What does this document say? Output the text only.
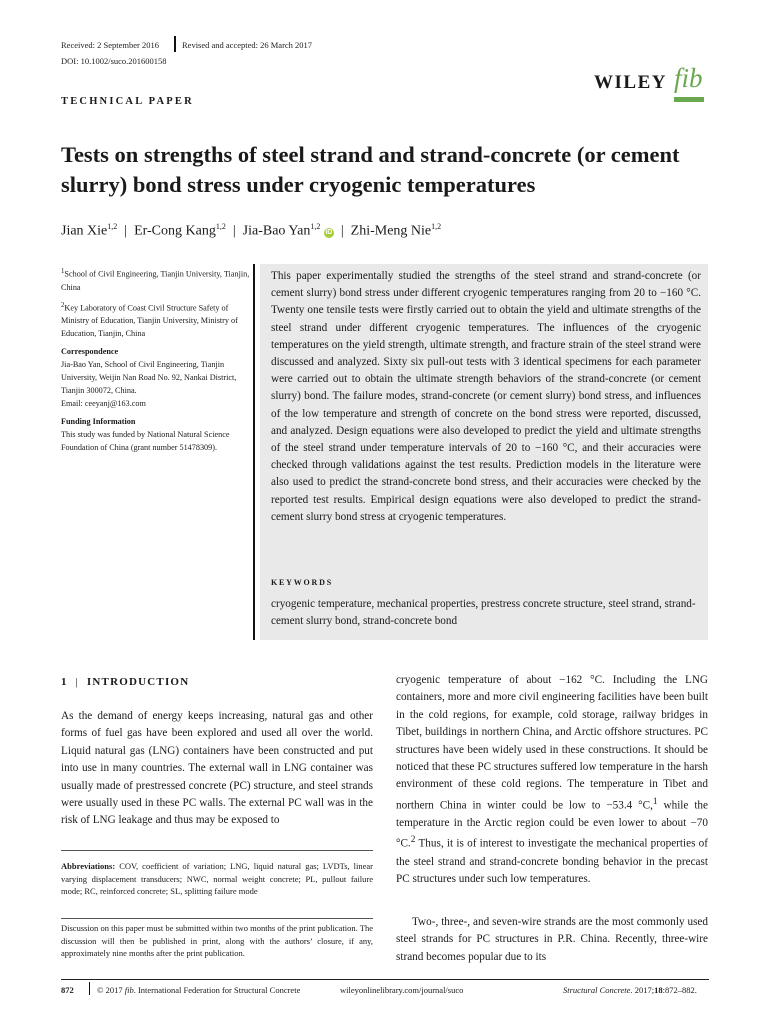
Received: 2 September 2016	Revised and accepted: 26 March 2017
DOI: 10.1002/suco.201600158
WILEY fib
TECHNICAL PAPER
Tests on strengths of steel strand and strand-concrete (or cement slurry) bond stress under cryogenic temperatures
Jian Xie$^{1,2}$ | Er-Cong Kang$^{1,2}$ | Jia-Bao Yan$^{1,2}$ iD | Zhi-Meng Nie$^{1,2}$

$^1$School of Civil Engineering, Tianjin University, Tianjin, China

$^2$Key Laboratory of Coast Civil Structure Safety of Ministry of Education, Tianjin University, Ministry of Education, Tianjin, China

Correspondence

Jia-Bao Yan, School of Civil Engineering, Tianjin University, Weijin Nan Road No. 92, Nankai District, Tianjin 300072, China.

Email: ceeyanj@163.com

Funding Information

This study was funded by National Natural Science Foundation of China (grant number 51478309).

This paper experimentally studied the strengths of the steel strand and strand-concrete (or cement slurry) bond stress under different cryogenic temperatures ranging from 20 to −160 °C. Twenty one tensile tests were firstly carried out to obtain the yield and ultimate strengths of the steel strand under different cryogenic temperatures. The influences of the cryogenic temperatures on the yield strength, ultimate strength, and fracture strain of the steel strand were discussed and analyzed. Sixty six pull-out tests with 3 identical specimens for each parameter were carried out to obtain the ultimate strength behaviors of the strand-concrete (or cement slurry) bond. The failure modes, strand-concrete (or cement slurry) bond stress, and influences of the low temperature and strength of concrete on the bond stress were reported, discussed, and analyzed. Design equations were also developed to predict the yield and ultimate strengths of the steel strand under temperature intervals of 20 to −160 °C, and their accuracies were checked through validations against the test results. Prediction models in the literature were also used to predict the strand-concrete bond stress, and their accuracies were checked by the reported test results. Empirical design equations were also developed to predict the strand-cement slurry bond stress at cryogenic temperatures.
KEYWORDS
cryogenic temperature, mechanical properties, prestress concrete structure, steel strand, strand-cement slurry bond, strand-concrete bond
1 | INTRODUCTION
As the demand of energy keeps increasing, natural gas and other forms of fuel gas have been explored and used all over the world. Liquid natural gas (LNG) containers have been constructed and put into use in many countries. The external wall in LNG container was usually made of prestressed concrete (PC) structure, and steel strands were usually used in these PC walls. The external PC wall was in the risk of LNG leakage and thus may be exposed to
Abbreviations: COV, coefficient of variation; LNG, liquid natural gas; LVDTs, linear varying displacement transducers; NWC, normal weight concrete; PL, pullout failure mode; RC, reinforced concrete; SL, splitting failure mode
Discussion on this paper must be submitted within two months of the print publication. The discussion will then be published in print, along with the authors’ closure, if any, approximately nine months after the print publication.
cryogenic temperature of about −162 °C. Including the LNG containers, more and more civil engineering facilities have been built in the cold regions, for example, cold storage, railway bridges in Tibet, buildings in northern China, and Arctic offshore structures. PC structures have been widely used in these constructions. It should be noticed that these PC structures suffered low temperature in the harsh environment of these cold regions. The temperature in Tibet and northern China in winter could be low to −53.4 °C,$^1$ while the temperature in the Arctic region could be even lower to about −70 °C.$^2$ Thus, it is of interest to investigate the mechanical properties of the steel strand and strand-concrete bonding behavior in the precast PC structures under such low temperatures.
Two-, three-, and seven-wire strands are the most commonly used steel strands for PC structures in P.R. China. Recently, three-wire strand becomes popular due to its
872	© 2017 fib. International Federation for Structural Concrete	wileyonlinelibrary.com/journal/suco	Structural Concrete. 2017;18:872–882.
